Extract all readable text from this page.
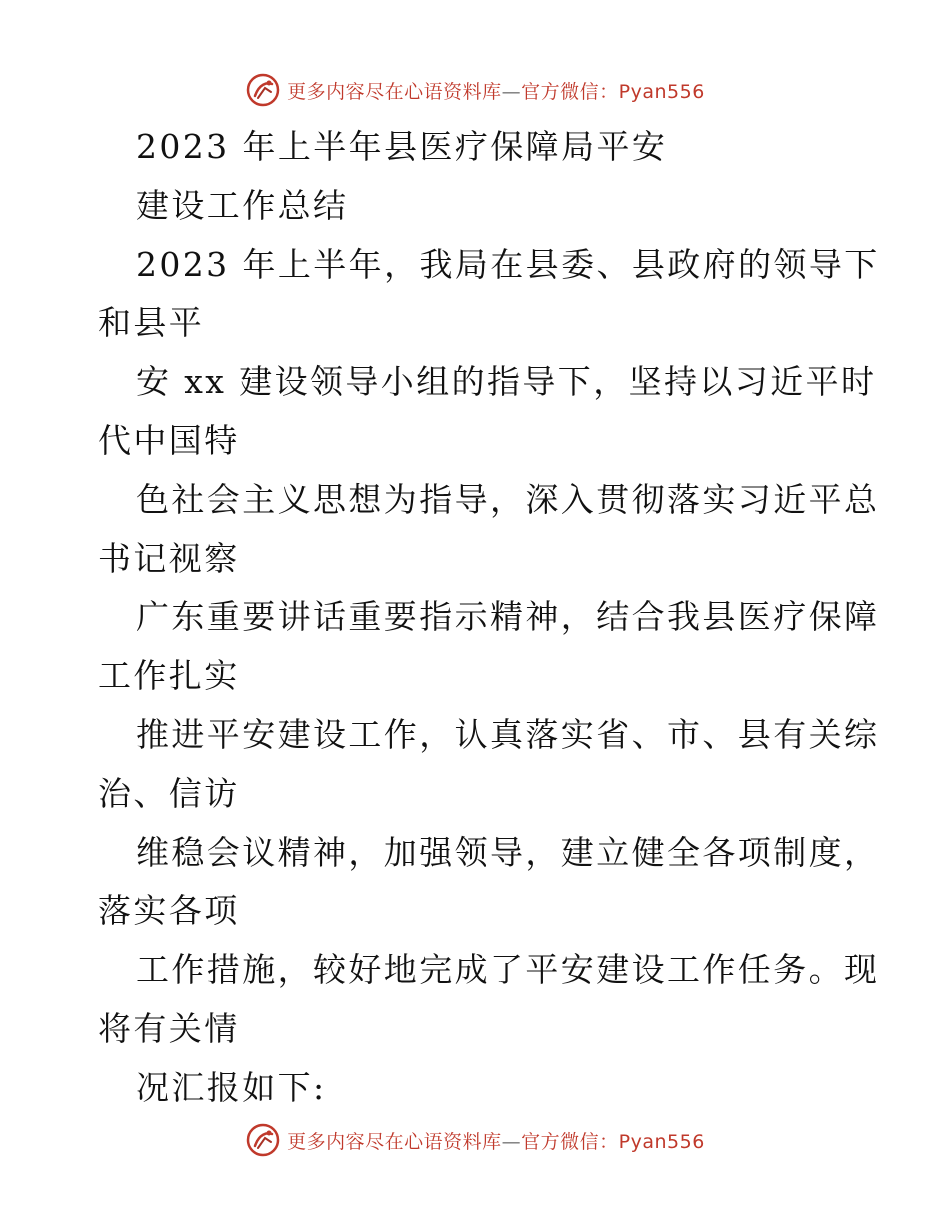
更多内容尽在心语资料库—官方微信：Pyan556
2023 年上半年县医疗保障局平安
建设工作总结
2023 年上半年，我局在县委、县政府的领导下
和县平
安 xx 建设领导小组的指导下，坚持以习近平时
代中国特
色社会主义思想为指导，深入贯彻落实习近平总
书记视察
广东重要讲话重要指示精神，结合我县医疗保障
工作扎实
推进平安建设工作，认真落实省、市、县有关综
治、信访
维稳会议精神，加强领导，建立健全各项制度，
落实各项
工作措施，较好地完成了平安建设工作任务。现
将有关情
况汇报如下:
更多内容尽在心语资料库—官方微信：Pyan556
